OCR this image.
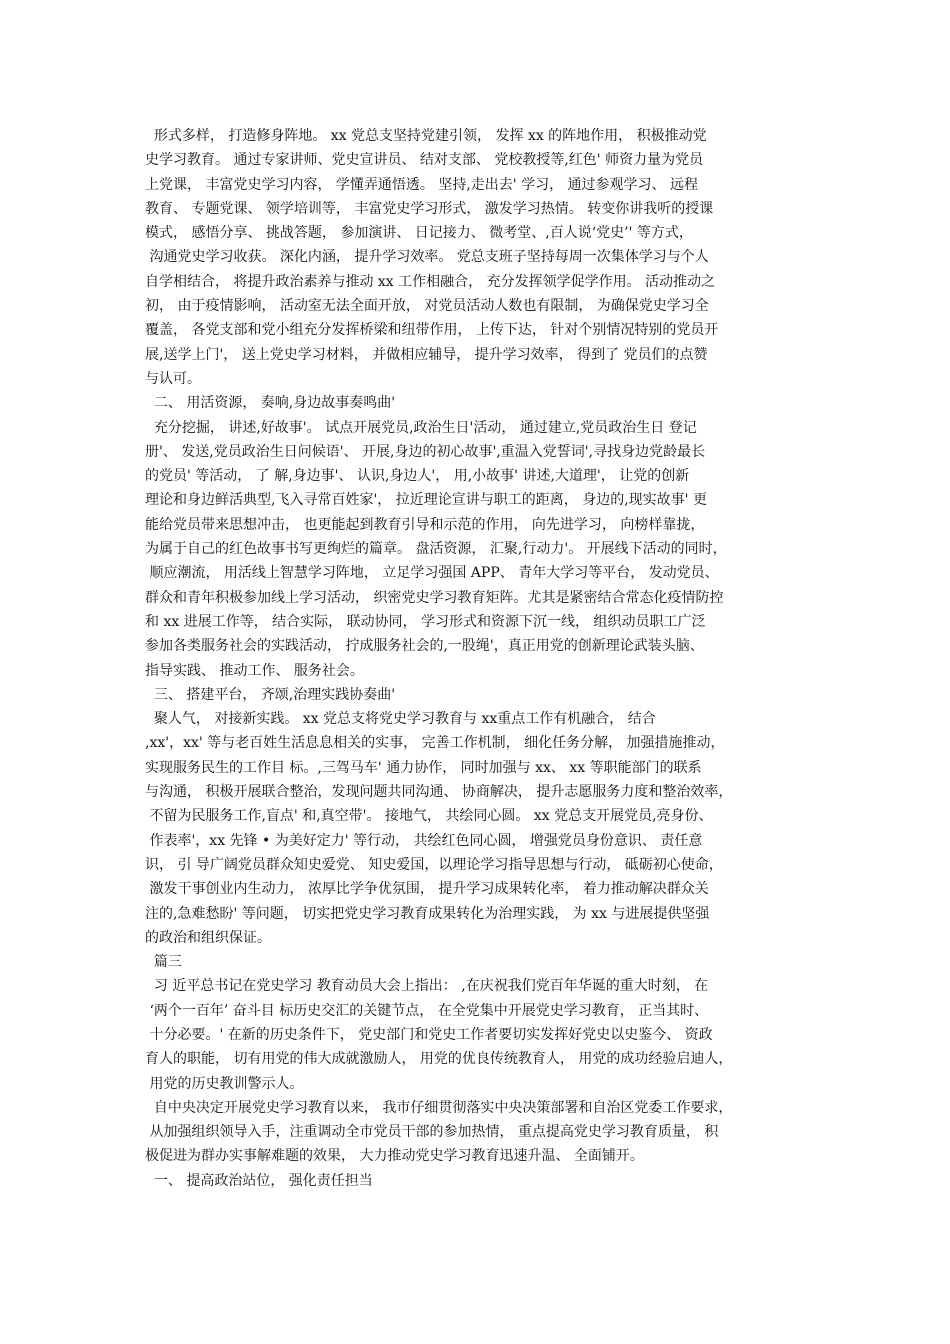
形式多样， 打造修身阵地。 xx 党总支坚持党建引领， 发挥 xx 的阵地作用， 积极推动党
史学习教育。 通过专家讲师、党史宣讲员、 结对支部、 党校教授等,红色' 师资力量为党员
上党课， 丰富党史学习内容， 学懂弄通悟透。 坚持,走出去' 学习， 通过参观学习、 远程
教育、 专题党课、 领学培训等， 丰富党史学习形式， 激发学习热情。 转变你讲我听的授课
模式， 感悟分享、 挑战答题， 参加演讲、 日记接力、 微考堂、,百人说‘党史’' 等方式，
沟通党史学习收获。 深化内涵， 提升学习效率。 党总支班子坚持每周一次集体学习与个人
自学相结合， 将提升政治素养与推动 xx 工作相融合， 充分发挥领学促学作用。 活动推动之
初， 由于疫情影响， 活动室无法全面开放， 对党员活动人数也有限制， 为确保党史学习全
覆盖， 各党支部和党小组充分发挥桥梁和纽带作用， 上传下达， 针对个别情况特别的党员开
展,送学上门'， 送上党史学习材料， 并做相应辅导， 提升学习效率， 得到了 党员们的点赞
与认可。
二、 用活资源， 奏响,身边故事奏鸣曲'
充分挖掘， 讲述,好故事'。 试点开展党员,政治生日'活动， 通过建立,党员政治生日 登记
册'、 发送,党员政治生日问候语'、 开展,身边的初心故事',重温入党誓词',寻找身边党龄最长
的党员' 等活动， 了 解,身边事'、 认识,身边人'， 用,小故事' 讲述,大道理'， 让党的创新
理论和身边鲜活典型,飞入寻常百姓家'， 拉近理论宣讲与职工的距离， 身边的,现实故事' 更
能给党员带来思想冲击， 也更能起到教育引导和示范的作用， 向先进学习， 向榜样靠拢，
为属于自己的红色故事书写更绚烂的篇章。 盘活资源， 汇聚,行动力'。 开展线下活动的同时，
顺应潮流， 用活线上智慧学习阵地， 立足学习强国 APP、 青年大学习等平台， 发动党员、
群众和青年积极参加线上学习活动， 织密党史学习教育矩阵。尤其是紧密结合常态化疫情防控
和 xx 进展工作等， 结合实际， 联动协同， 学习形式和资源下沉一线， 组织动员职工广泛
参加各类服务社会的实践活动， 拧成服务社会的,一股绳'，真正用党的创新理论武装头脑、
指导实践、 推动工作、 服务社会。
三、 搭建平台， 齐颂,治理实践协奏曲'
聚人气， 对接新实践。 xx 党总支将党史学习教育与 xx重点工作有机融合， 结合
,xx'，xx' 等与老百姓生活息息相关的实事， 完善工作机制， 细化任务分解， 加强措施推动，
实现服务民生的工作目 标。,三驾马车' 通力协作， 同时加强与 xx、 xx 等职能部门的联系
与沟通， 积极开展联合整治，发现问题共同沟通、 协商解决， 提升志愿服务力度和整治效率，
不留为民服务工作,盲点' 和,真空带'。 接地气， 共绘同心圆。 xx 党总支开展党员,亮身份、
作表率'，xx 先锋 • 为美好定力' 等行动， 共绘红色同心圆， 增强党员身份意识、 责任意
识， 引 导广阔党员群众知史爱党、 知史爱国，以理论学习指导思想与行动， 砥砺初心使命，
激发干事创业内生动力， 浓厚比学争优氛围， 提升学习成果转化率， 着力推动解决群众关
注的,急难愁盼' 等问题， 切实把党史学习教育成果转化为治理实践， 为 xx 与进展提供坚强
的政治和组织保证。
篇三
习 近平总书记在党史学习 教育动员大会上指出： ,在庆祝我们党百年华诞的重大时刻， 在
‘两个一百年’ 奋斗目 标历史交汇的关键节点， 在全党集中开展党史学习教育， 正当其时、
十分必要。' 在新的历史条件下， 党史部门和党史工作者要切实发挥好党史以史鉴今、 资政
育人的职能， 切有用党的伟大成就激励人， 用党的优良传统教育人， 用党的成功经验启迪人，
用党的历史教训警示人。
自中央决定开展党史学习教育以来， 我市仔细贯彻落实中央决策部署和自治区党委工作要求，
从加强组织领导入手，注重调动全市党员干部的参加热情， 重点提高党史学习教育质量， 积
极促进为群办实事解难题的效果， 大力推动党史学习教育迅速升温、 全面铺开。
一、 提高政治站位， 强化责任担当
